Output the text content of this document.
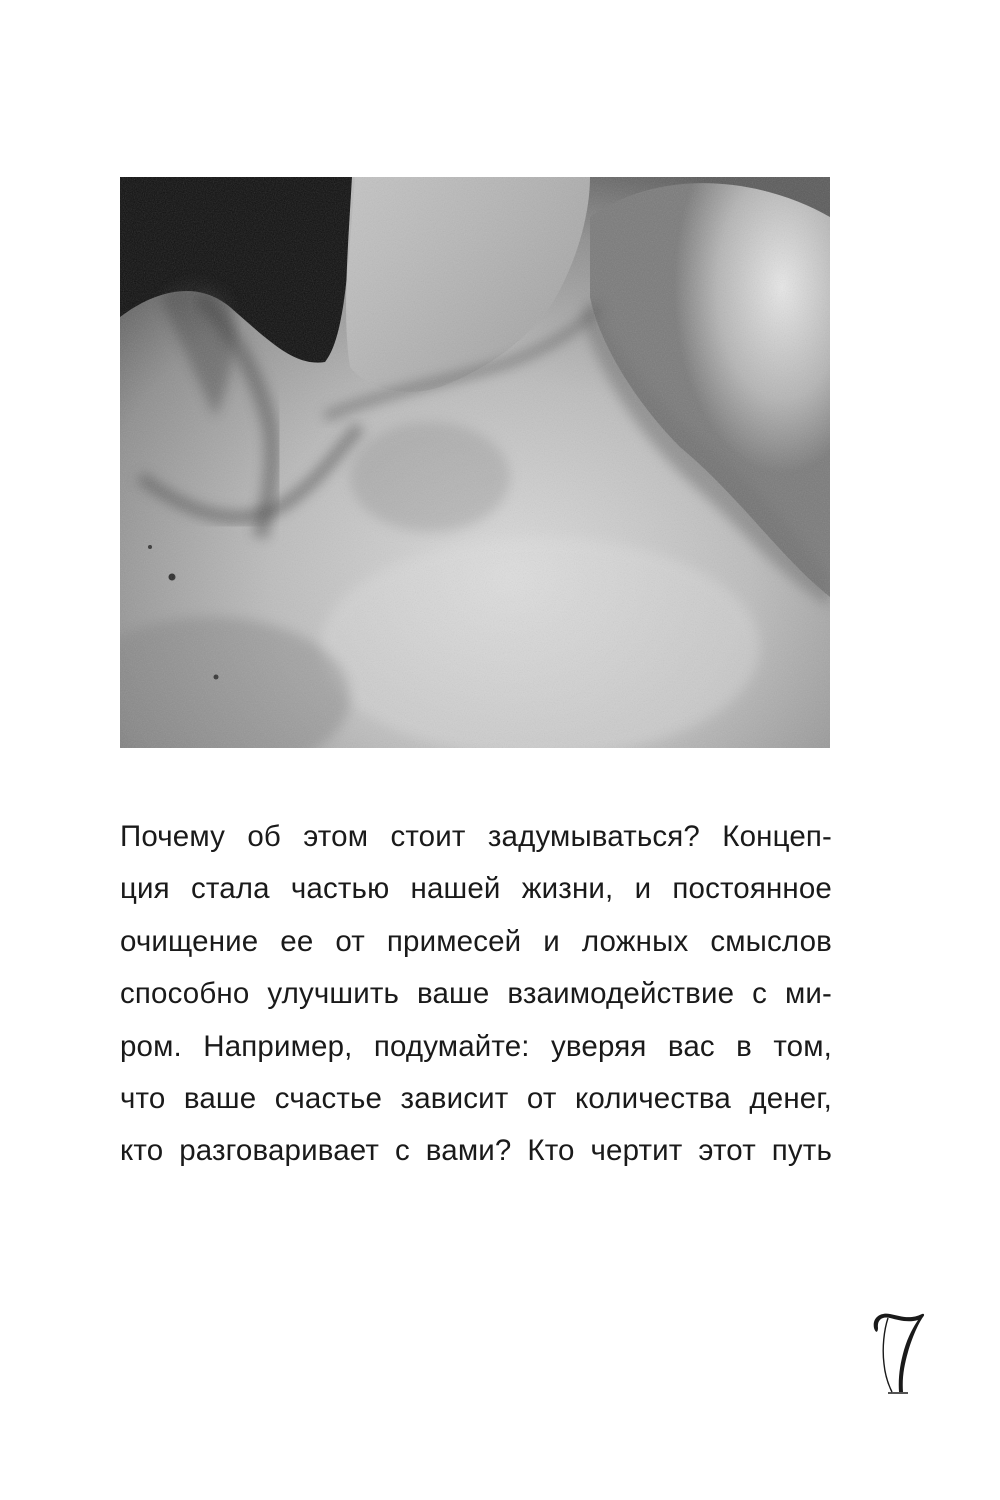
Почему об этом стоит задумываться? Концеп-
ция стала частью нашей жизни, и постоянное
очищение ее от примесей и ложных смыслов
способно улучшить ваше взаимодействие с ми-
ром. Например, подумайте: уверяя вас в том,
что ваше счастье зависит от количества денег,
кто разговаривает с вами? Кто чертит этот путь
